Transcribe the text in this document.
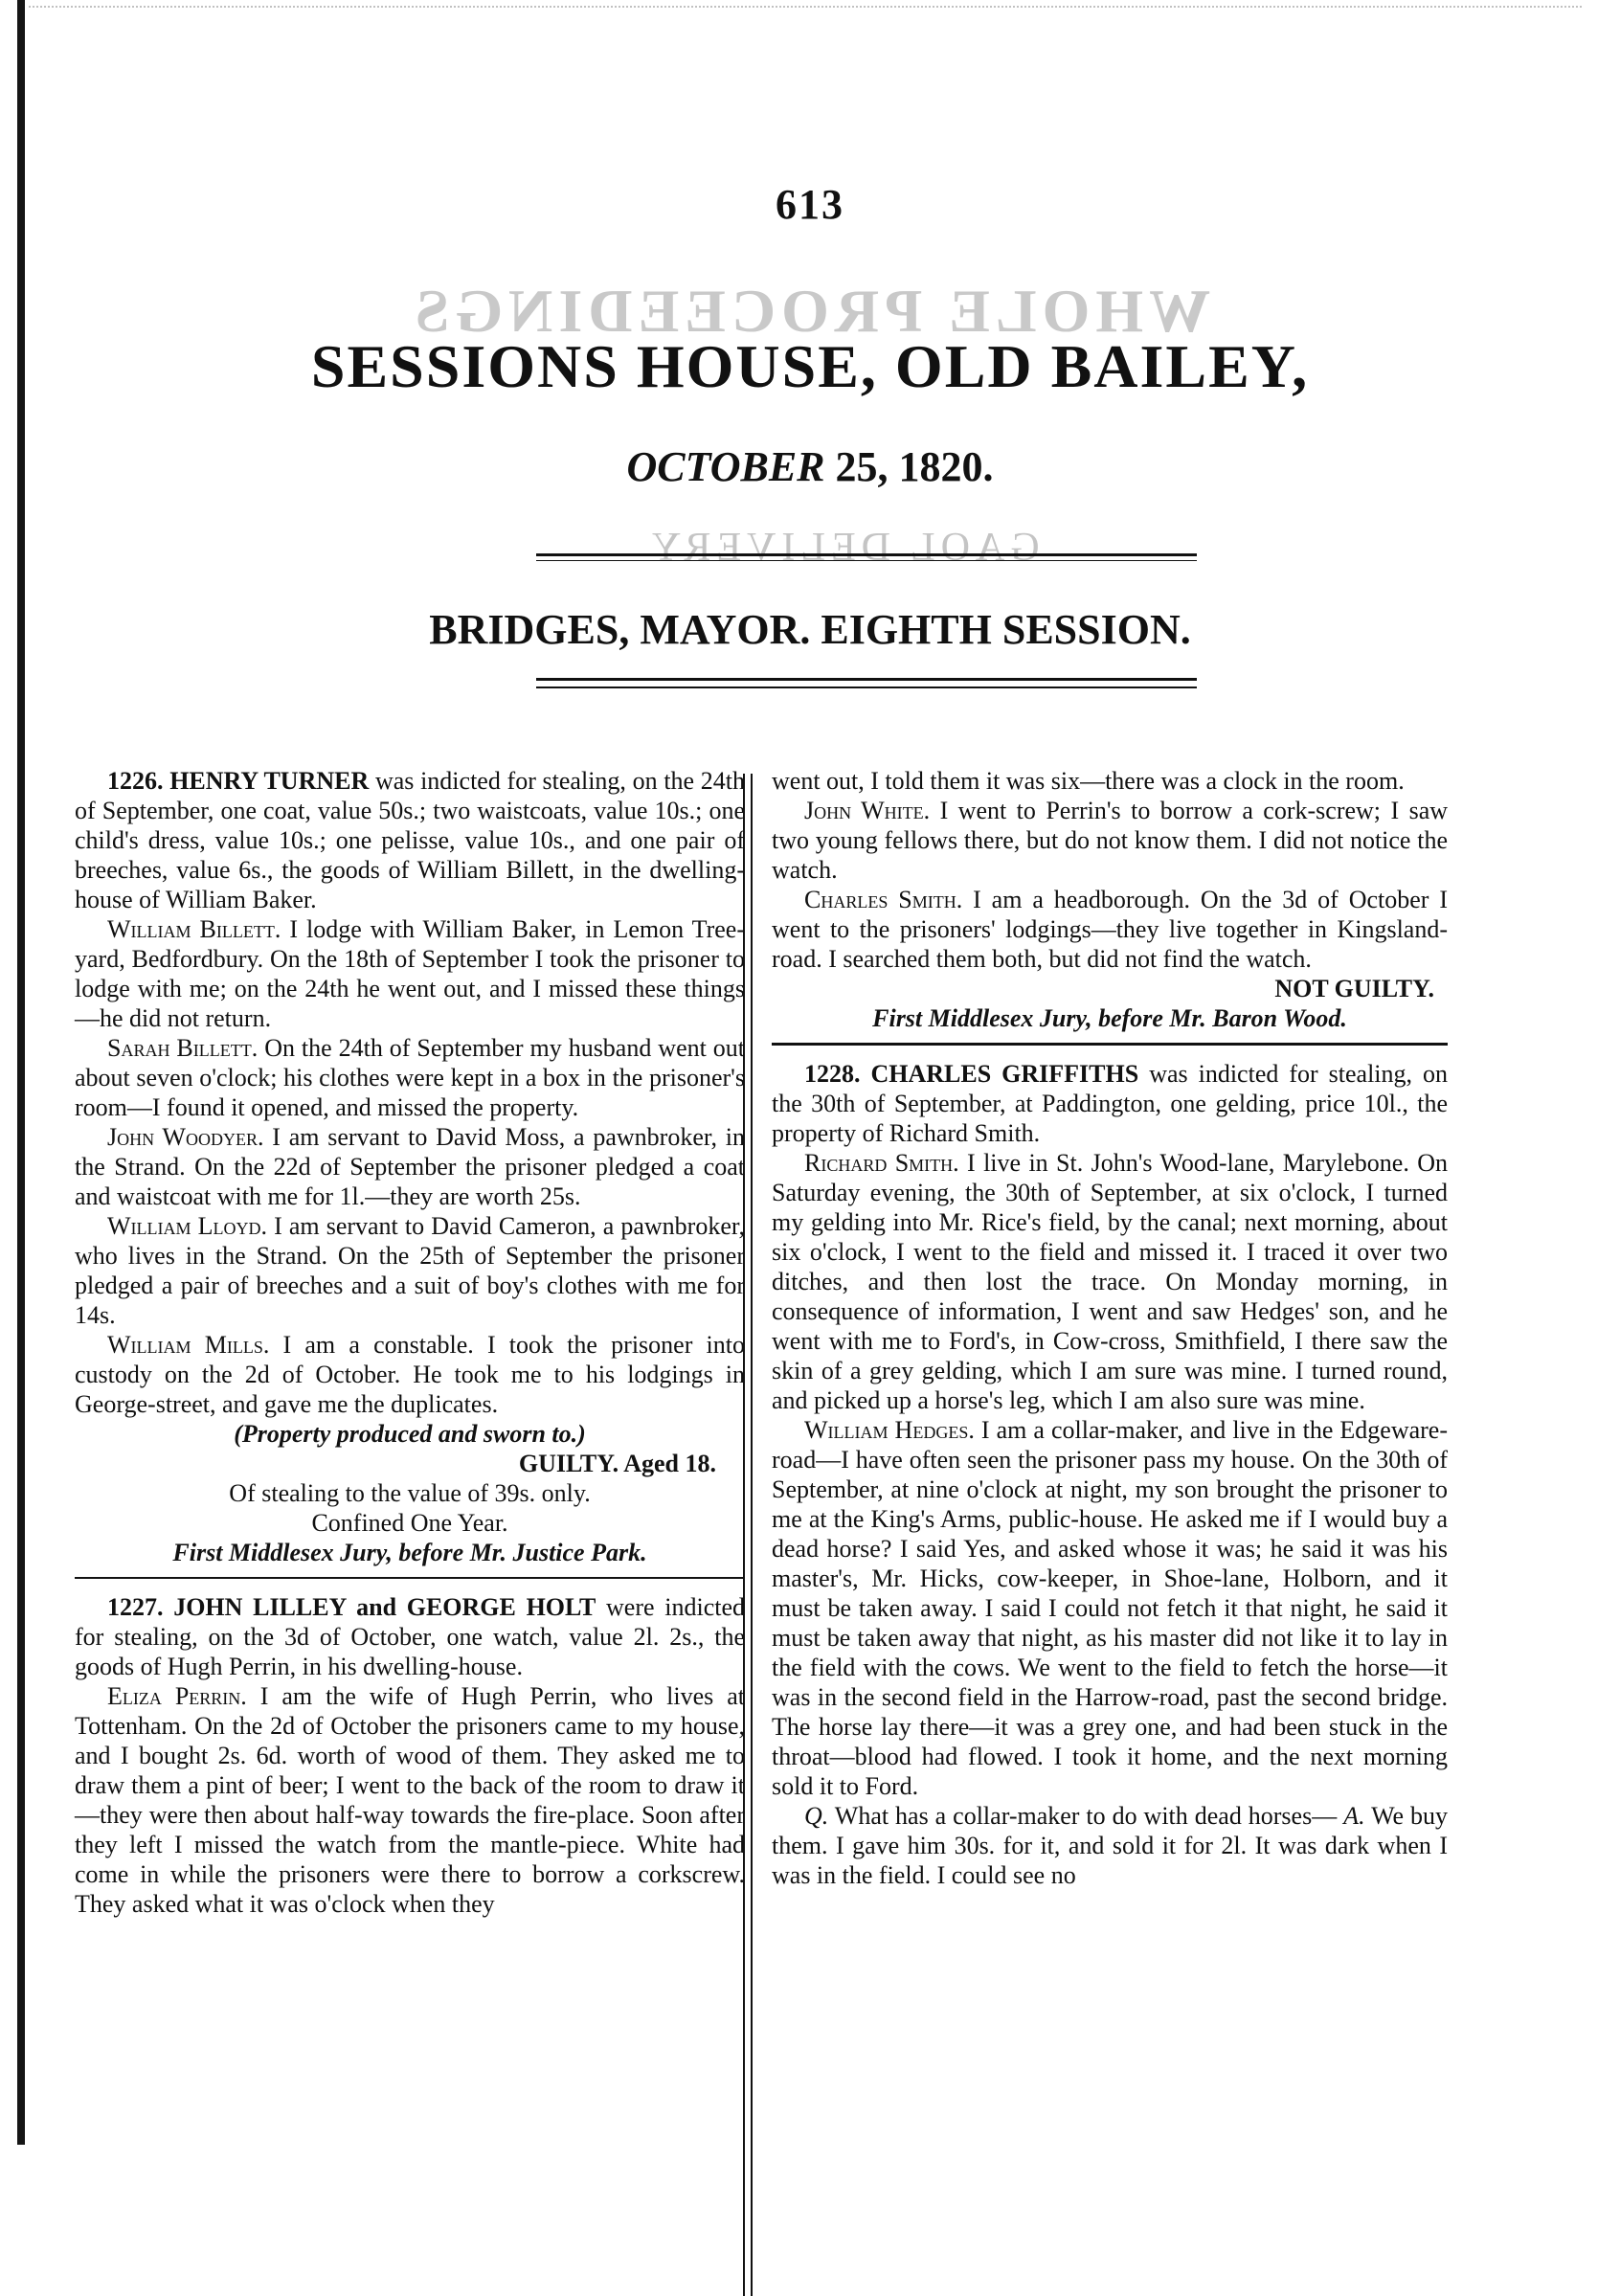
613
WHOLE PROCEEDINGS
SESSIONS HOUSE, OLD BAILEY,
OCTOBER 25, 1820.
GAOL DELIVERY
BRIDGES, MAYOR. EIGHTH SESSION.

1226. HENRY TURNER was indicted for stealing, on the 24th of September, one coat, value 50s.; two waistcoats, value 10s.; one child's dress, value 10s.; one pelisse, value 10s., and one pair of breeches, value 6s., the goods of William Billett, in the dwelling-house of William Baker.

William Billett. I lodge with William Baker, in Lemon Tree-yard, Bedfordbury. On the 18th of September I took the prisoner to lodge with me; on the 24th he went out, and I missed these things—he did not return.

Sarah Billett. On the 24th of September my husband went out about seven o'clock; his clothes were kept in a box in the prisoner's room—I found it opened, and missed the property.

John Woodyer. I am servant to David Moss, a pawnbroker, in the Strand. On the 22d of September the prisoner pledged a coat and waistcoat with me for 1l.—they are worth 25s.

William Lloyd. I am servant to David Cameron, a pawnbroker, who lives in the Strand. On the 25th of September the prisoner pledged a pair of breeches and a suit of boy's clothes with me for 14s.

William Mills. I am a constable. I took the prisoner into custody on the 2d of October. He took me to his lodgings in George-street, and gave me the duplicates.

(Property produced and sworn to.)

GUILTY. Aged 18.

Of stealing to the value of 39s. only.

Confined One Year.

First Middlesex Jury, before Mr. Justice Park.

1227. JOHN LILLEY and GEORGE HOLT were indicted for stealing, on the 3d of October, one watch, value 2l. 2s., the goods of Hugh Perrin, in his dwelling-house.

Eliza Perrin. I am the wife of Hugh Perrin, who lives at Tottenham. On the 2d of October the prisoners came to my house, and I bought 2s. 6d. worth of wood of them. They asked me to draw them a pint of beer; I went to the back of the room to draw it—they were then about half-way towards the fire-place. Soon after they left I missed the watch from the mantle-piece. White had come in while the prisoners were there to borrow a corkscrew. They asked what it was o'clock when they

went out, I told them it was six—there was a clock in the room.

John White. I went to Perrin's to borrow a cork-screw; I saw two young fellows there, but do not know them. I did not notice the watch.

Charles Smith. I am a headborough. On the 3d of October I went to the prisoners' lodgings—they live together in Kingsland-road. I searched them both, but did not find the watch.

NOT GUILTY.

First Middlesex Jury, before Mr. Baron Wood.

1228. CHARLES GRIFFITHS was indicted for stealing, on the 30th of September, at Paddington, one gelding, price 10l., the property of Richard Smith.

Richard Smith. I live in St. John's Wood-lane, Marylebone. On Saturday evening, the 30th of September, at six o'clock, I turned my gelding into Mr. Rice's field, by the canal; next morning, about six o'clock, I went to the field and missed it. I traced it over two ditches, and then lost the trace. On Monday morning, in consequence of information, I went and saw Hedges' son, and he went with me to Ford's, in Cow-cross, Smithfield, I there saw the skin of a grey gelding, which I am sure was mine. I turned round, and picked up a horse's leg, which I am also sure was mine.

William Hedges. I am a collar-maker, and live in the Edgeware-road—I have often seen the prisoner pass my house. On the 30th of September, at nine o'clock at night, my son brought the prisoner to me at the King's Arms, public-house. He asked me if I would buy a dead horse? I said Yes, and asked whose it was; he said it was his master's, Mr. Hicks, cow-keeper, in Shoe-lane, Holborn, and it must be taken away. I said I could not fetch it that night, he said it must be taken away that night, as his master did not like it to lay in the field with the cows. We went to the field to fetch the horse—it was in the second field in the Harrow-road, past the second bridge. The horse lay there—it was a grey one, and had been stuck in the throat—blood had flowed. I took it home, and the next morning sold it to Ford.

Q. What has a collar-maker to do with dead horses— A. We buy them. I gave him 30s. for it, and sold it for 2l. It was dark when I was in the field. I could see no
